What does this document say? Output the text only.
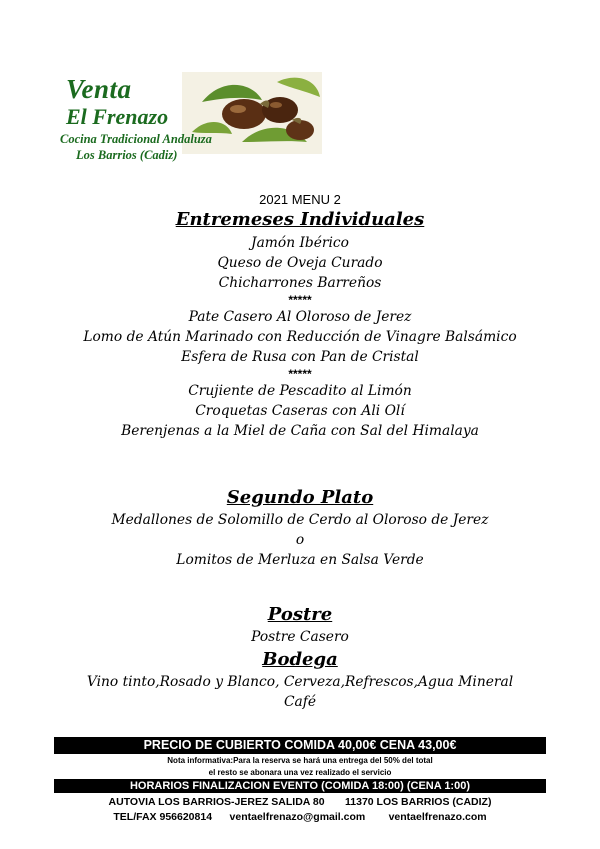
Venta
El Frenazo
Cocina Tradicional Andaluza
Los Barrios (Cadiz)
2021 MENU 2
Entremeses Individuales
Jamón Ibérico
Queso de Oveja Curado
Chicharrones Barreños
*****
Pate Casero Al Oloroso de Jerez
Lomo de Atún Marinado con Reducción de Vinagre Balsámico
Esfera de Rusa con Pan de Cristal
*****
Crujiente de Pescadito al Limón
Croquetas Caseras con Ali Olí
Berenjenas a la Miel de Caña con Sal del Himalaya
Segundo Plato
Medallones de Solomillo de Cerdo al Oloroso de Jerez
o
Lomitos de Merluza en Salsa Verde
Postre
Postre Casero
Bodega
Vino tinto,Rosado y Blanco, Cerveza,Refrescos,Agua Mineral
Café
PRECIO DE CUBIERTO COMIDA 40,00€ CENA 43,00€
Nota informativa:Para la reserva se hará una entrega del 50% del total
el resto se abonara una vez realizado el servicio
HORARIOS FINALIZACION EVENTO (COMIDA 18:00) (CENA 1:00)
AUTOVIA LOS BARRIOS-JEREZ SALIDA 80       11370 LOS BARRIOS (CADIZ)
TEL/FAX 956620814      ventaelfrenazo@gmail.com        ventaelfrenazo.com
